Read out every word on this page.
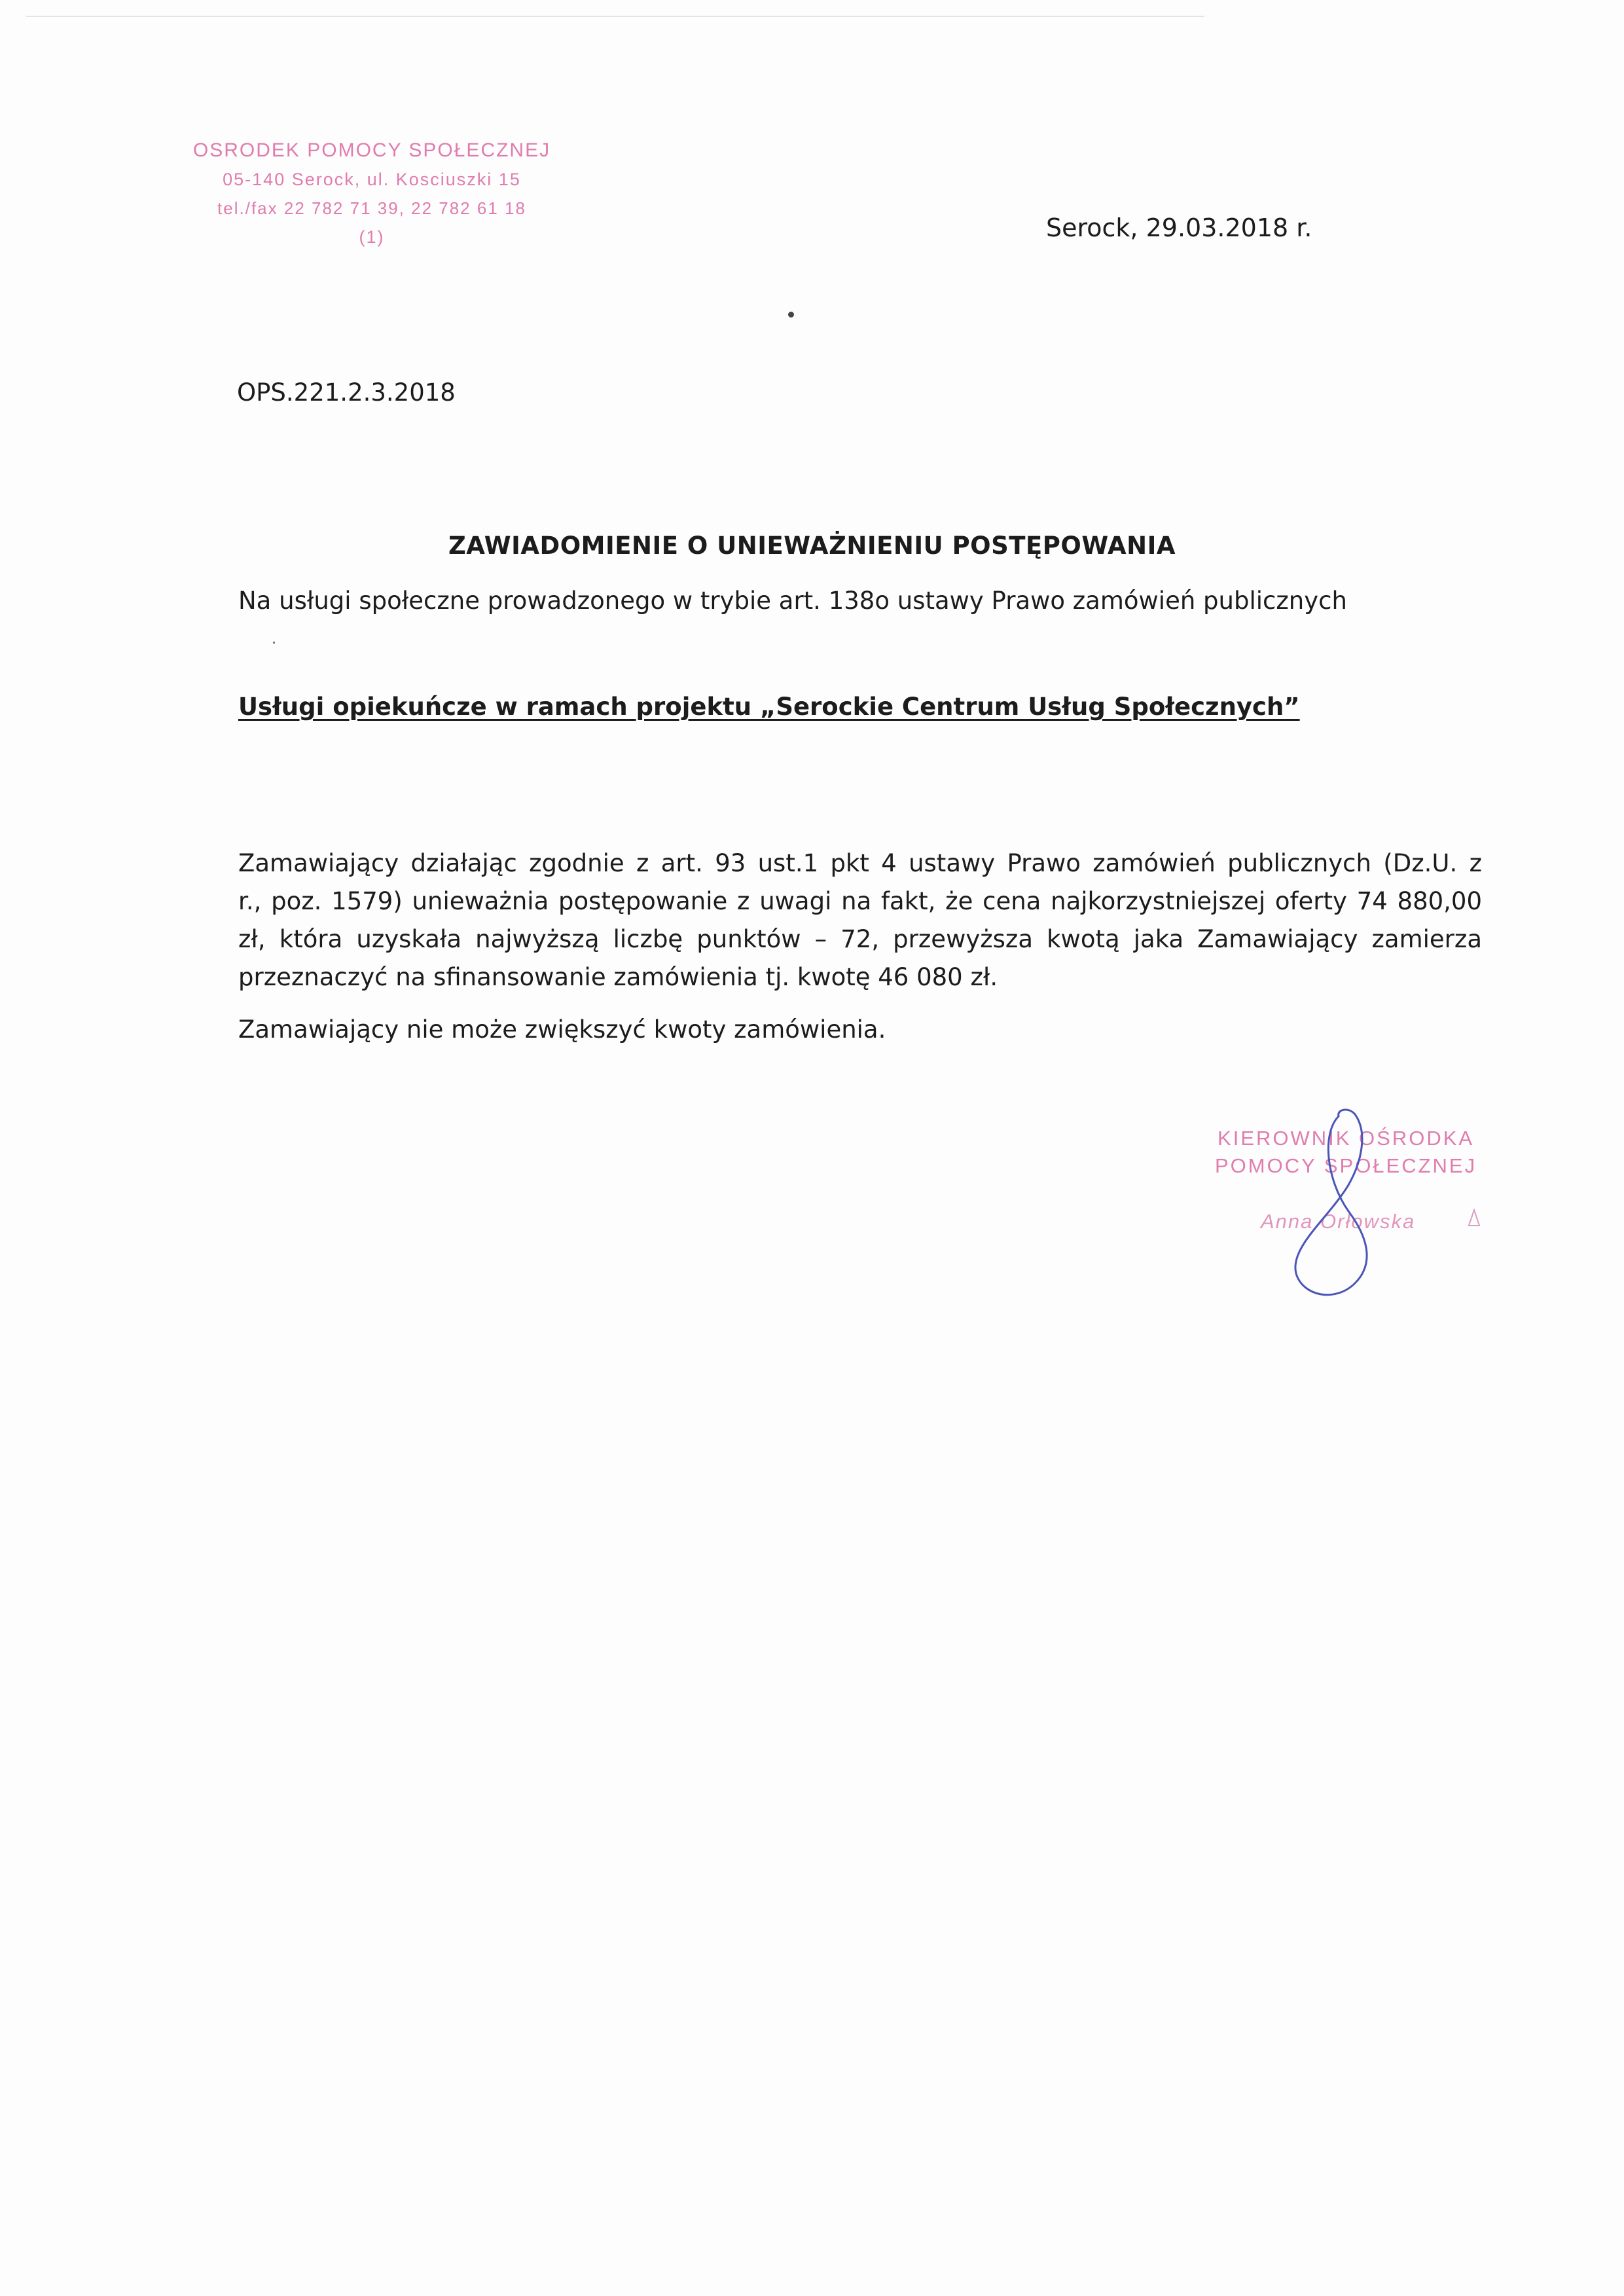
OSRODEK POMOCY SPOŁECZNEJ
05-140 Serock, ul. Kosciuszki 15
tel./fax 22 782 71 39, 22 782 61 18
(1)	Serock, 29.03.2018 r.
OPS.221.2.3.2018
ZAWIADOMIENIE O UNIEWAŻNIENIU POSTĘPOWANIA
Na usługi społeczne prowadzonego w trybie art. 138o ustawy Prawo zamówień publicznych
Usługi opiekuńcze w ramach projektu „Serockie Centrum Usług Społecznych”
Zamawiający działając zgodnie z art. 93 ust.1 pkt 4 ustawy Prawo zamówień publicznych (Dz.U. z
r., poz. 1579) unieważnia postępowanie z uwagi na fakt, że cena najkorzystniejszej oferty 74 880,00
zł, która uzyskała najwyższą liczbę punktów – 72, przewyższa kwotą jaka Zamawiający zamierza
przeznaczyć na sfinansowanie zamówienia tj. kwotę 46 080 zł.
Zamawiający nie może zwiększyć kwoty zamówienia.
KIEROWNIK OŚRODKA
POMOCY SPOŁECZNEJ
Anna Orłowska
